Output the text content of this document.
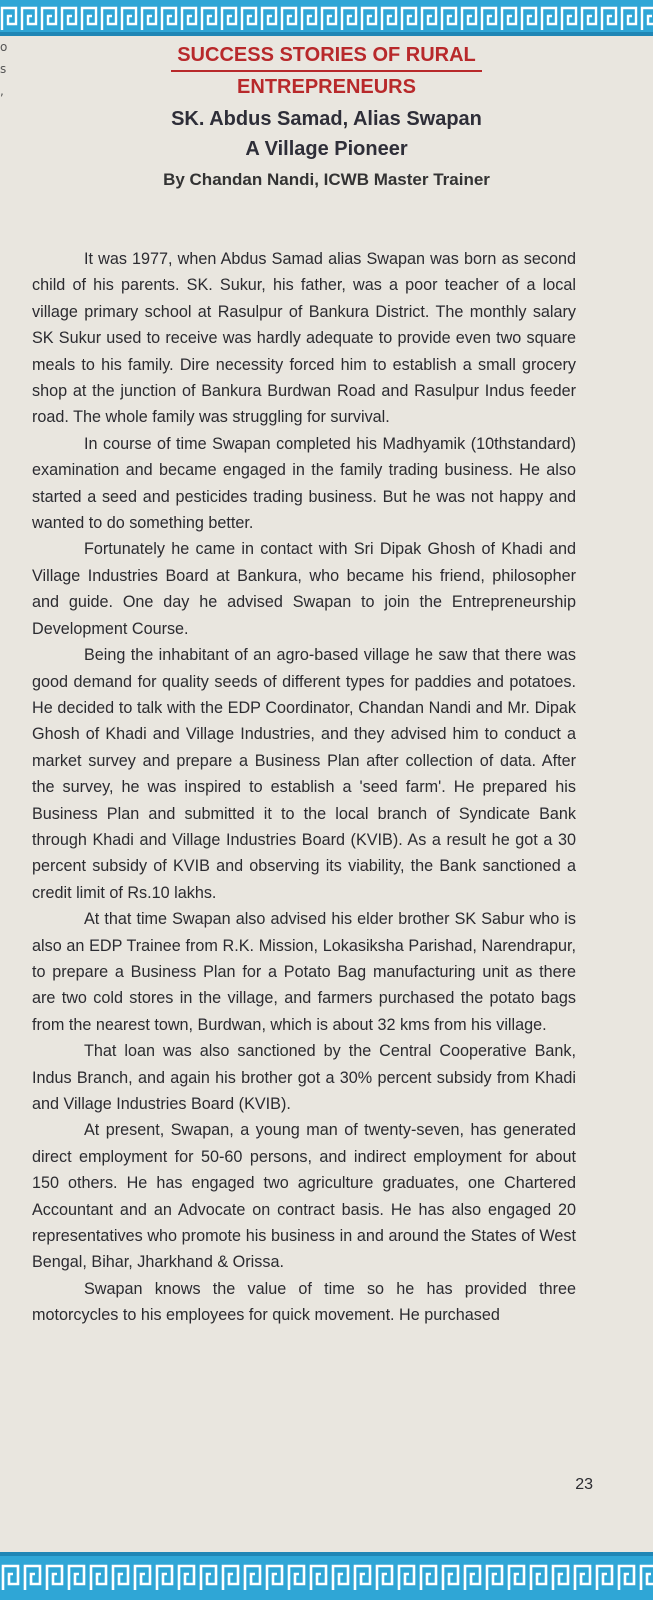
o
s
,
SUCCESS STORIES OF RURAL
ENTREPRENEURS
SK. Abdus Samad, Alias Swapan
A Village Pioneer
By Chandan Nandi, ICWB Master Trainer

It was 1977, when Abdus Samad alias Swapan was born as second child of his parents. SK. Sukur, his father, was a poor teacher of a local village primary school at Rasulpur of Bankura District. The monthly salary SK Sukur used to receive was hardly adequate to provide even two square meals to his family. Dire necessity forced him to establish a small grocery shop at the junction of Bankura Burdwan Road and Rasulpur Indus feeder road. The whole family was struggling for survival.

In course of time Swapan completed his Madhyamik (10thstandard) examination and became engaged in the family trading business. He also started a seed and pesticides trading business. But he was not happy and wanted to do something better.

Fortunately he came in contact with Sri Dipak Ghosh of Khadi and Village Industries Board at Bankura, who became his friend, philosopher and guide. One day he advised Swapan to join the Entrepreneurship Development Course.

Being the inhabitant of an agro-based village he saw that there was good demand for quality seeds of different types for paddies and potatoes. He decided to talk with the EDP Coordinator, Chandan Nandi and Mr. Dipak Ghosh of Khadi and Village Industries, and they advised him to conduct a market survey and prepare a Business Plan after collection of data. After the survey, he was inspired to establish a 'seed farm'. He prepared his Business Plan and submitted it to the local branch of Syndicate Bank through Khadi and Village Industries Board (KVIB). As a result he got a 30 percent subsidy of KVIB and observing its viability, the Bank sanctioned a credit limit of Rs.10 lakhs.

At that time Swapan also advised his elder brother SK Sabur who is also an EDP Trainee from R.K. Mission, Lokasiksha Parishad, Narendrapur, to prepare a Business Plan for a Potato Bag manufacturing unit as there are two cold stores in the village, and farmers purchased the potato bags from the nearest town, Burdwan, which is about 32 kms from his village.

That loan was also sanctioned by the Central Cooperative Bank, Indus Branch, and again his brother got a 30% percent subsidy from Khadi and Village Industries Board (KVIB).

At present, Swapan, a young man of twenty-seven, has generated direct employment for 50-60 persons, and indirect employment for about 150 others. He has engaged two agriculture graduates, one Chartered Accountant and an Advocate on contract basis. He has also engaged 20 representatives who promote his business in and around the States of West Bengal, Bihar, Jharkhand & Orissa.

Swapan knows the value of time so he has provided three motorcycles to his employees for quick movement. He purchased

23
